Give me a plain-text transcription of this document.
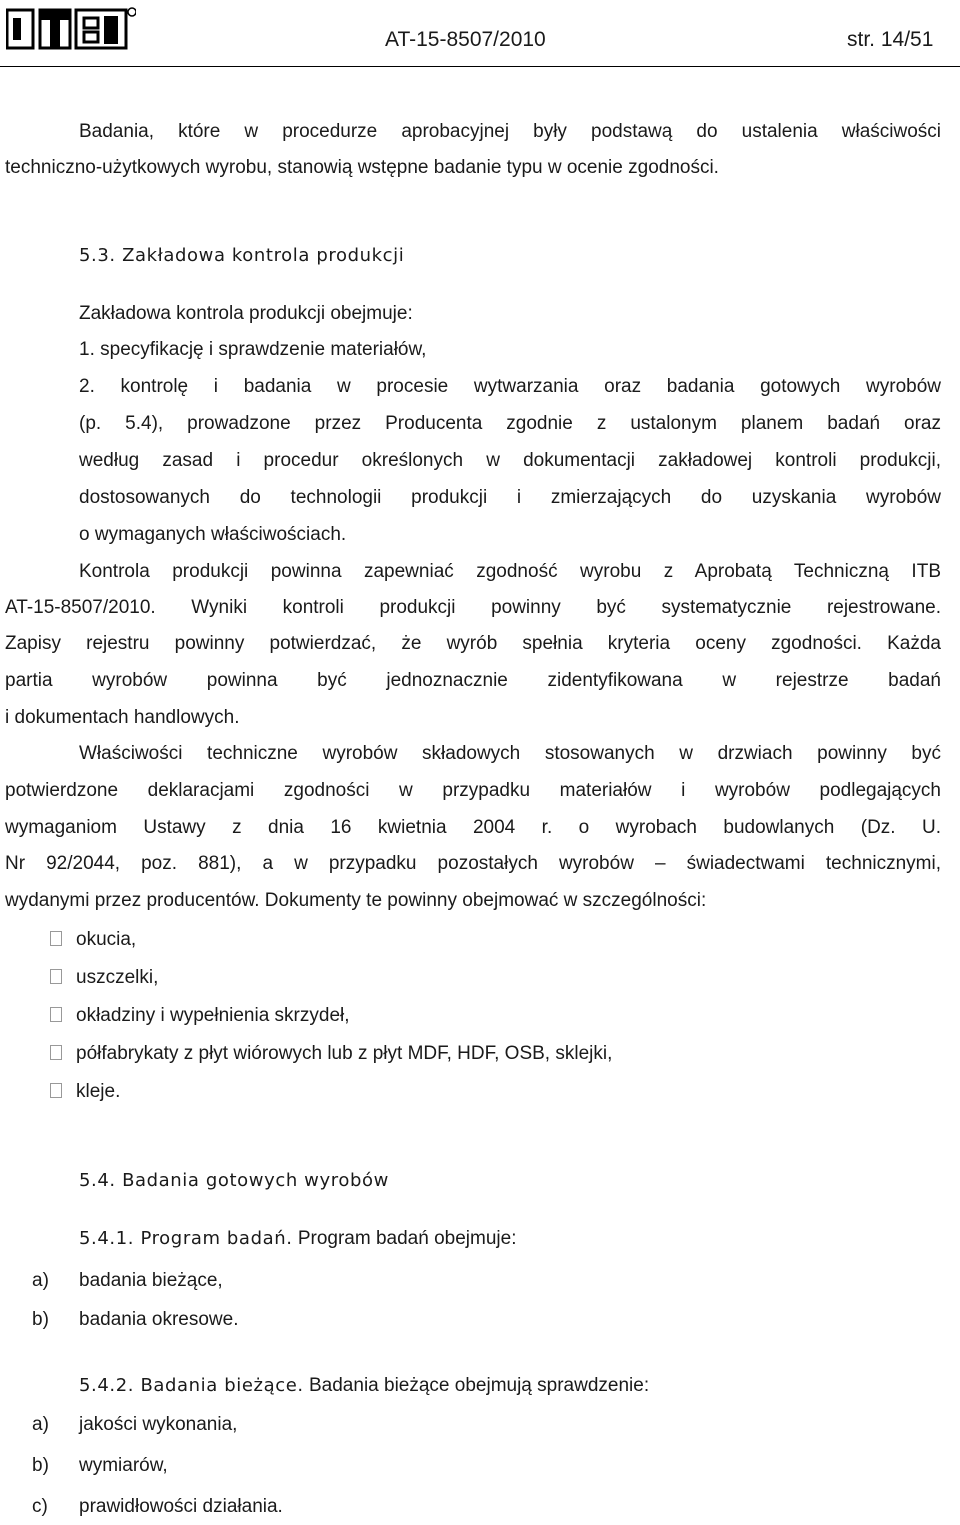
AT-15-8507/2010	str. 14/51
Badania, które w procedurze aprobacyjnej były podstawą do ustalenia właściwości
techniczno-użytkowych wyrobu, stanowią wstępne badanie typu w ocenie zgodności.
5.3. Zakładowa kontrola produkcji
Zakładowa kontrola produkcji obejmuje:
1. specyfikację i sprawdzenie materiałów,
2. kontrolę i badania w procesie wytwarzania oraz badania gotowych wyrobów
(p. 5.4), prowadzone przez Producenta zgodnie z ustalonym planem badań oraz
według zasad i procedur określonych w dokumentacji zakładowej kontroli produkcji,
dostosowanych do technologii produkcji i zmierzających do uzyskania wyrobów
o wymaganych właściwościach.
Kontrola produkcji powinna zapewniać zgodność wyrobu z Aprobatą Techniczną ITB
AT-15-8507/2010. Wyniki kontroli produkcji powinny być systematycznie rejestrowane.
Zapisy rejestru powinny potwierdzać, że wyrób spełnia kryteria oceny zgodności. Każda
partia wyrobów powinna być jednoznacznie zidentyfikowana w rejestrze badań
i dokumentach handlowych.
Właściwości techniczne wyrobów składowych stosowanych w drzwiach powinny być
potwierdzone deklaracjami zgodności w przypadku materiałów i wyrobów podlegających
wymaganiom Ustawy z dnia 16 kwietnia 2004 r. o wyrobach budowlanych (Dz. U.
Nr 92/2044, poz. 881), a w przypadku pozostałych wyrobów – świadectwami technicznymi,
wydanymi przez producentów. Dokumenty te powinny obejmować w szczególności:
okucia,
uszczelki,
okładziny i wypełnienia skrzydeł,
półfabrykaty z płyt wiórowych lub z płyt MDF, HDF, OSB, sklejki,
kleje.
5.4. Badania gotowych wyrobów
5.4.1. Program badań. Program badań obejmuje:
a) badania bieżące,
b) badania okresowe.
5.4.2. Badania bieżące. Badania bieżące obejmują sprawdzenie:
a) jakości wykonania,
b) wymiarów,
c) prawidłowości działania.
